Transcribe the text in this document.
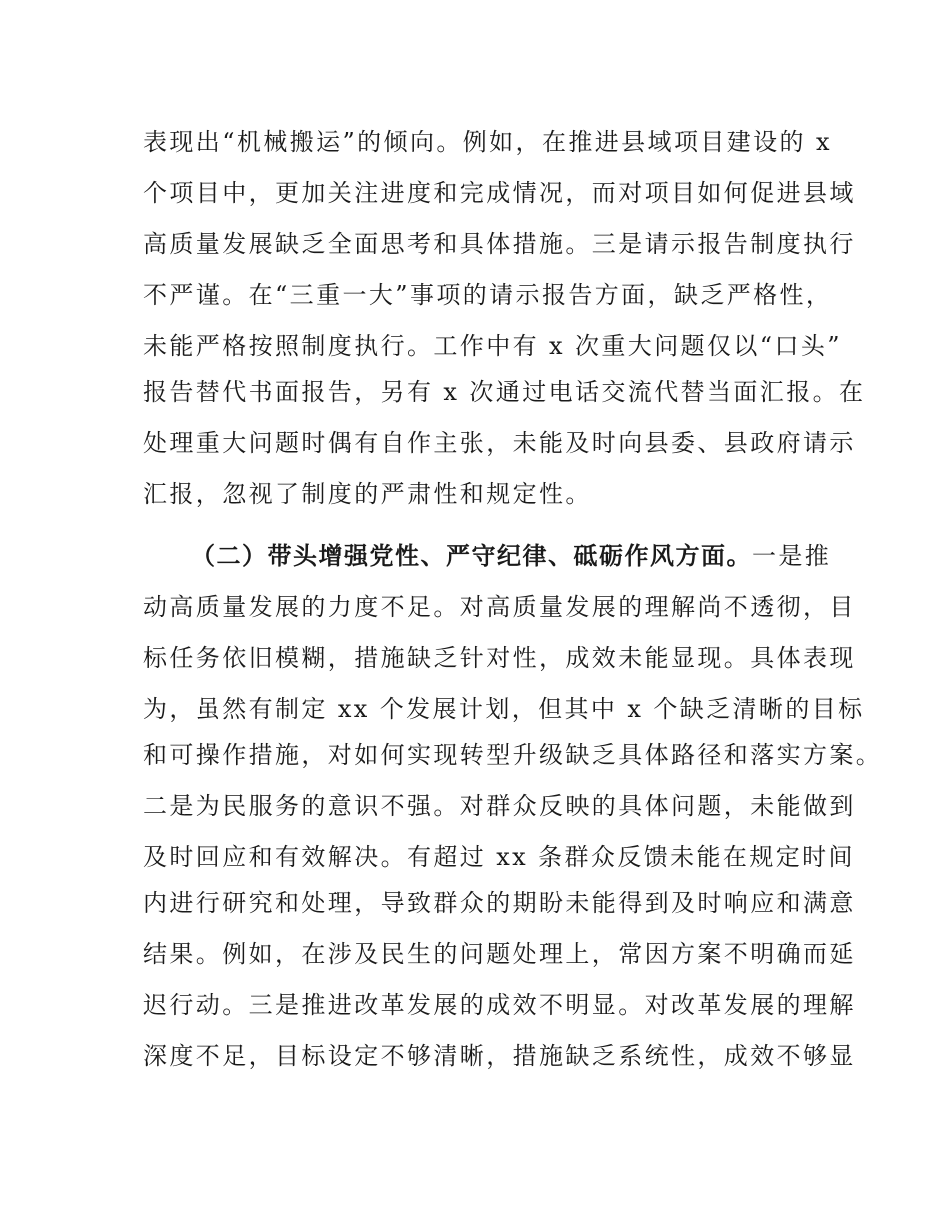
表现出“机械搬运”的倾向。例如，在推进县域项目建设的 x
个项目中，更加关注进度和完成情况，而对项目如何促进县域
高质量发展缺乏全面思考和具体措施。三是请示报告制度执行
不严谨。在“三重一大”事项的请示报告方面，缺乏严格性，
未能严格按照制度执行。工作中有 x 次重大问题仅以“口头”
报告替代书面报告，另有 x 次通过电话交流代替当面汇报。在
处理重大问题时偶有自作主张，未能及时向县委、县政府请示
汇报，忽视了制度的严肃性和规定性。
（二）带头增强党性、严守纪律、砥砺作风方面。一是推
动高质量发展的力度不足。对高质量发展的理解尚不透彻，目
标任务依旧模糊，措施缺乏针对性，成效未能显现。具体表现
为，虽然有制定 xx 个发展计划，但其中 x 个缺乏清晰的目标
和可操作措施，对如何实现转型升级缺乏具体路径和落实方案。
二是为民服务的意识不强。对群众反映的具体问题，未能做到
及时回应和有效解决。有超过 xx 条群众反馈未能在规定时间
内进行研究和处理，导致群众的期盼未能得到及时响应和满意
结果。例如，在涉及民生的问题处理上，常因方案不明确而延
迟行动。三是推进改革发展的成效不明显。对改革发展的理解
深度不足，目标设定不够清晰，措施缺乏系统性，成效不够显
